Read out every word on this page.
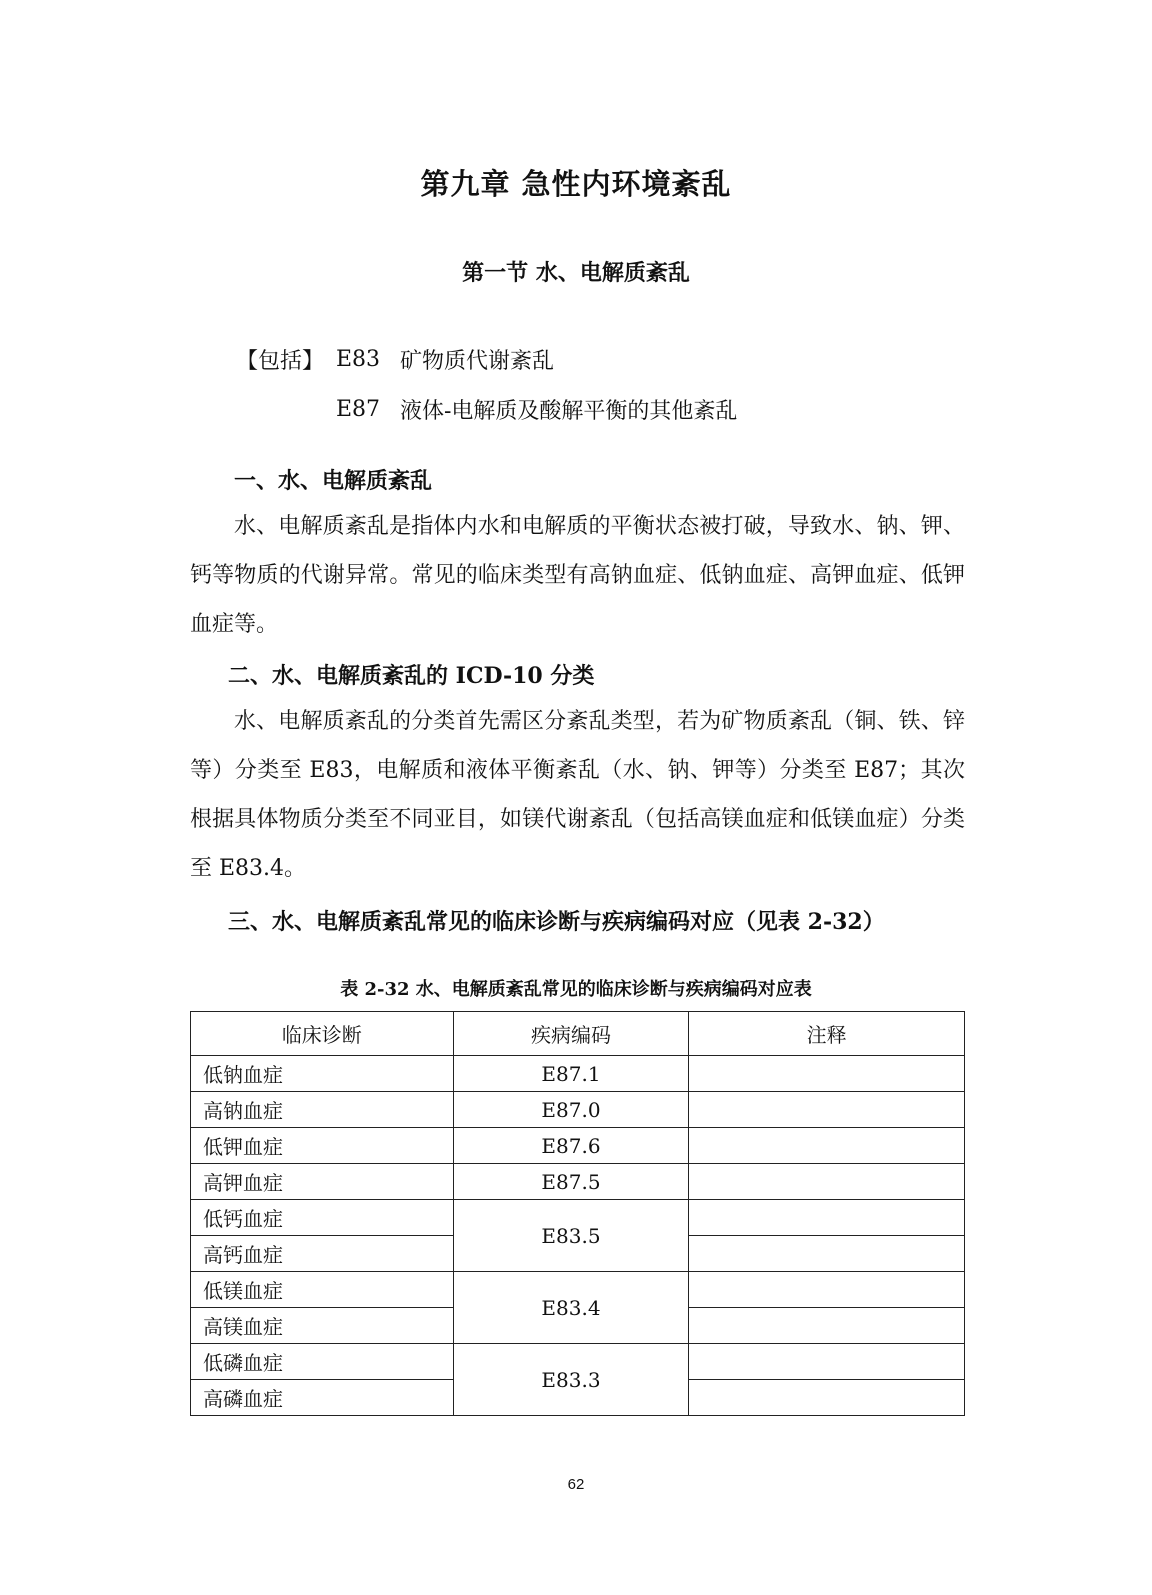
第九章 急性内环境紊乱
第一节 水、电解质紊乱
【包括】 E83 矿物质代谢紊乱
E87 液体-电解质及酸解平衡的其他紊乱
一、水、电解质紊乱
水、电解质紊乱是指体内水和电解质的平衡状态被打破，导致水、钠、钾、钙等物质的代谢异常。常见的临床类型有高钠血症、低钠血症、高钾血症、低钾血症等。
二、水、电解质紊乱的 ICD-10 分类
水、电解质紊乱的分类首先需区分紊乱类型，若为矿物质紊乱（铜、铁、锌等）分类至 E83，电解质和液体平衡紊乱（水、钠、钾等）分类至 E87；其次根据具体物质分类至不同亚目，如镁代谢紊乱（包括高镁血症和低镁血症）分类至 E83.4。
三、水、电解质紊乱常见的临床诊断与疾病编码对应（见表 2-32）
表 2-32 水、电解质紊乱常见的临床诊断与疾病编码对应表
临床诊断	疾病编码	注释
低钠血症	E87.1	
高钠血症	E87.0	
低钾血症	E87.6	
高钾血症	E87.5	
低钙血症	E83.5	
高钙血症		
低镁血症	E83.4	
高镁血症		
低磷血症	E83.3	
高磷血症		
62
